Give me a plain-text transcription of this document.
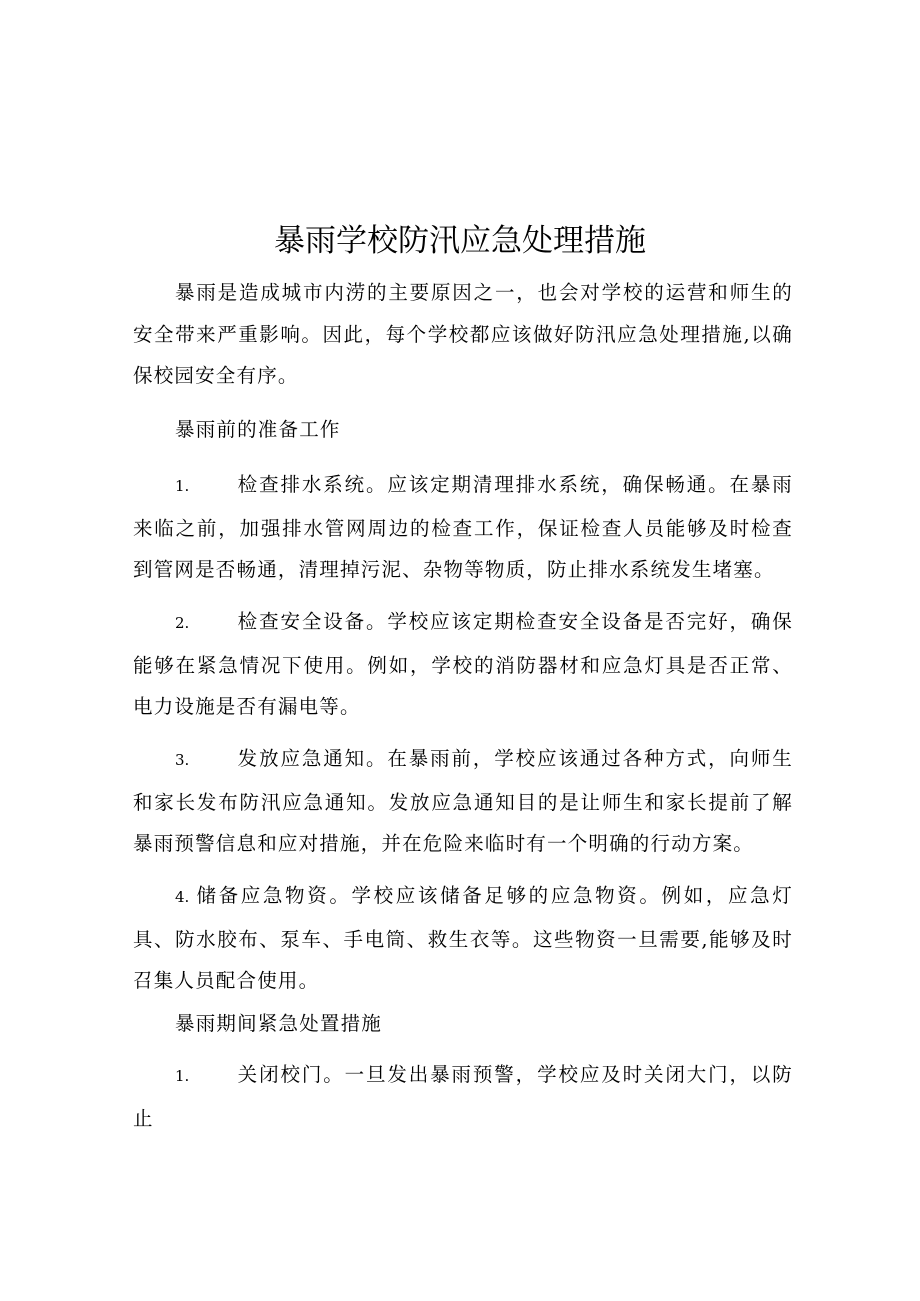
暴雨学校防汛应急处理措施
暴雨是造成城市内涝的主要原因之一，也会对学校的运营和师生的安全带来严重影响。因此，每个学校都应该做好防汛应急处理措施,以确保校园安全有序。
暴雨前的准备工作
1. 检查排水系统。应该定期清理排水系统，确保畅通。在暴雨来临之前，加强排水管网周边的检查工作，保证检查人员能够及时检查到管网是否畅通，清理掉污泥、杂物等物质，防止排水系统发生堵塞。
2. 检查安全设备。学校应该定期检查安全设备是否完好，确保能够在紧急情况下使用。例如，学校的消防器材和应急灯具是否正常、电力设施是否有漏电等。
3. 发放应急通知。在暴雨前，学校应该通过各种方式，向师生和家长发布防汛应急通知。发放应急通知目的是让师生和家长提前了解暴雨预警信息和应对措施，并在危险来临时有一个明确的行动方案。
4. 储备应急物资。学校应该储备足够的应急物资。例如，应急灯具、防水胶布、泵车、手电筒、救生衣等。这些物资一旦需要,能够及时召集人员配合使用。
暴雨期间紧急处置措施
1. 关闭校门。一旦发出暴雨预警，学校应及时关闭大门，以防止
